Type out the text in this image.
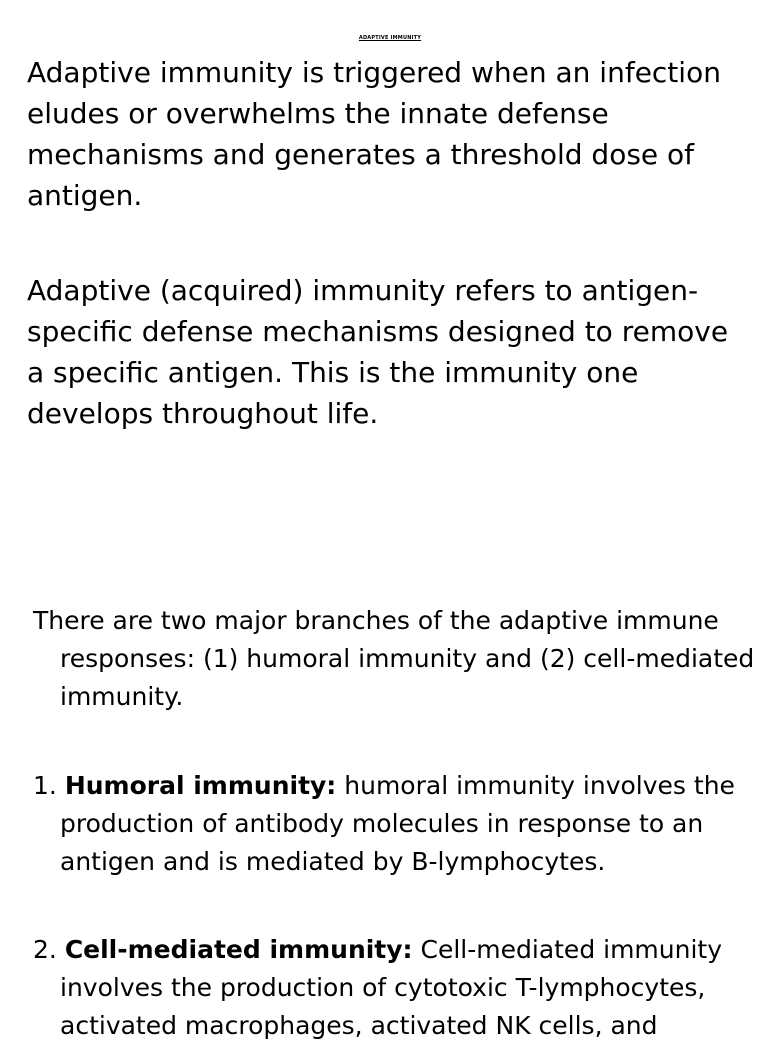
ADAPTIVE IMMUNITY

Adaptive immunity is triggered when an infection eludes or overwhelms the innate defense mechanisms and generates a threshold dose of antigen.

Adaptive (acquired) immunity refers to antigen-specific defense mechanisms designed to remove a specific antigen. This is the immunity one develops throughout life.

There are two major branches of the adaptive immune responses: (1) humoral immunity and (2) cell-mediated immunity.

1. Humoral immunity: humoral immunity involves the production of antibody molecules in response to an antigen and is mediated by B-lymphocytes.

2. Cell-mediated immunity: Cell-mediated immunity involves the production of cytotoxic T-lymphocytes, activated macrophages, activated NK cells, and
